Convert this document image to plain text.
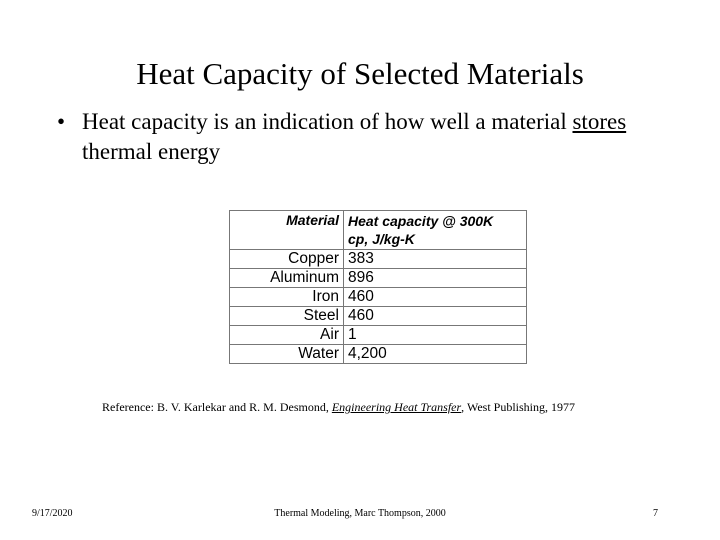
Heat Capacity of Selected Materials
• Heat capacity is an indication of how well a material stores thermal energy
Material	Heat capacity @ 300K
cp, J/kg-K

Copper	383
Aluminum	896
Iron	460
Steel	460
Air	1
Water	4,200
Reference: B. V. Karlekar and R. M. Desmond, Engineering Heat Transfer, West Publishing, 1977
9/17/2020	Thermal Modeling, Marc Thompson, 2000	7
